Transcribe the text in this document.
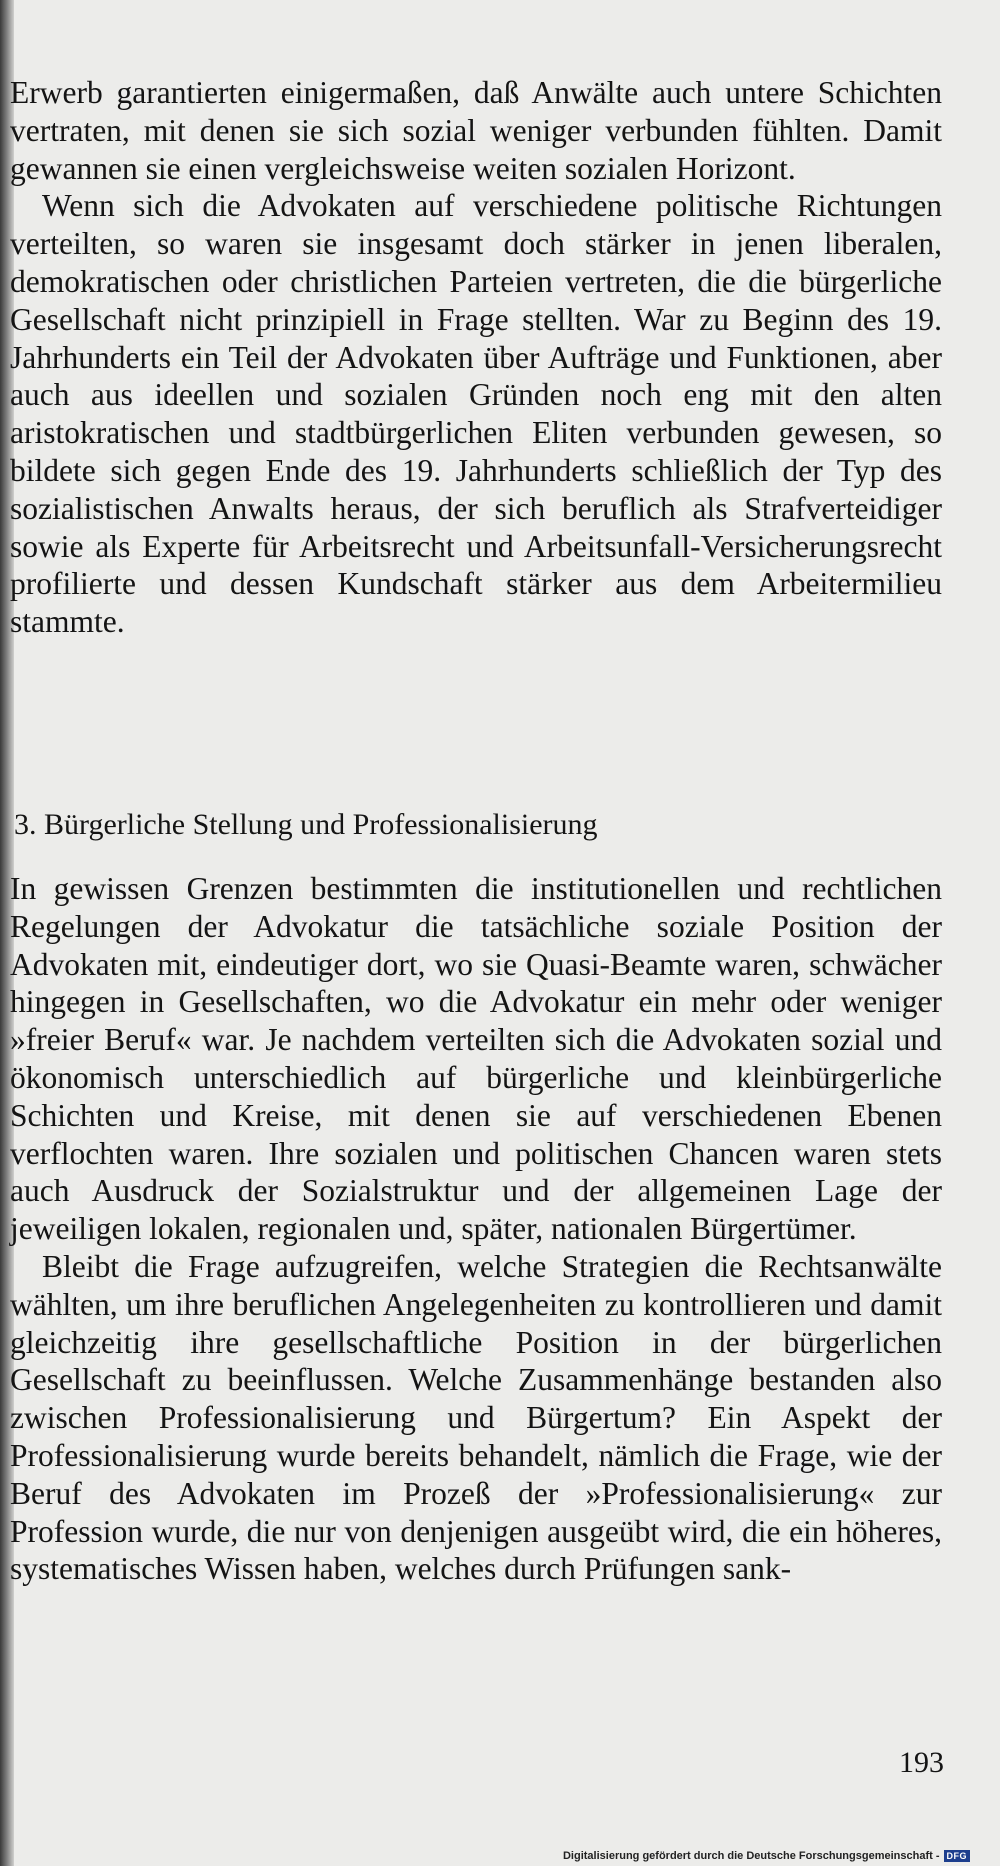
Erwerb garantierten einigermaßen, daß Anwälte auch untere Schichten vertraten, mit denen sie sich sozial weniger verbunden fühlten. Damit gewannen sie einen vergleichsweise weiten sozialen Horizont.

Wenn sich die Advokaten auf verschiedene politische Richtungen verteilten, so waren sie insgesamt doch stärker in jenen liberalen, demokratischen oder christlichen Parteien vertreten, die die bürgerliche Gesellschaft nicht prinzipiell in Frage stellten. War zu Beginn des 19. Jahrhunderts ein Teil der Advokaten über Aufträge und Funktionen, aber auch aus ideellen und sozialen Gründen noch eng mit den alten aristokratischen und stadtbürgerlichen Eliten verbunden gewesen, so bildete sich gegen Ende des 19. Jahrhunderts schließlich der Typ des sozialistischen Anwalts heraus, der sich beruflich als Strafverteidiger sowie als Experte für Arbeitsrecht und Arbeitsunfall-Versicherungsrecht profilierte und dessen Kundschaft stärker aus dem Arbeitermilieu stammte.

3. Bürgerliche Stellung und Professionalisierung

In gewissen Grenzen bestimmten die institutionellen und rechtlichen Regelungen der Advokatur die tatsächliche soziale Position der Advokaten mit, eindeutiger dort, wo sie Quasi-Beamte waren, schwächer hingegen in Gesellschaften, wo die Advokatur ein mehr oder weniger »freier Beruf« war. Je nachdem verteilten sich die Advokaten sozial und ökonomisch unterschiedlich auf bürgerliche und kleinbürgerliche Schichten und Kreise, mit denen sie auf verschiedenen Ebenen verflochten waren. Ihre sozialen und politischen Chancen waren stets auch Ausdruck der Sozialstruktur und der allgemeinen Lage der jeweiligen lokalen, regionalen und, später, nationalen Bürgertümer.

Bleibt die Frage aufzugreifen, welche Strategien die Rechtsanwälte wählten, um ihre beruflichen Angelegenheiten zu kontrollieren und damit gleichzeitig ihre gesellschaftliche Position in der bürgerlichen Gesellschaft zu beeinflussen. Welche Zusammenhänge bestanden also zwischen Professionalisierung und Bürgertum? Ein Aspekt der Professionalisierung wurde bereits behandelt, nämlich die Frage, wie der Beruf des Advokaten im Prozeß der »Professionalisierung« zur Profession wurde, die nur von denjenigen ausgeübt wird, die ein höheres, systematisches Wissen haben, welches durch Prüfungen sank-

193
Digitalisierung gefördert durch die Deutsche Forschungsgemeinschaft - DFG
